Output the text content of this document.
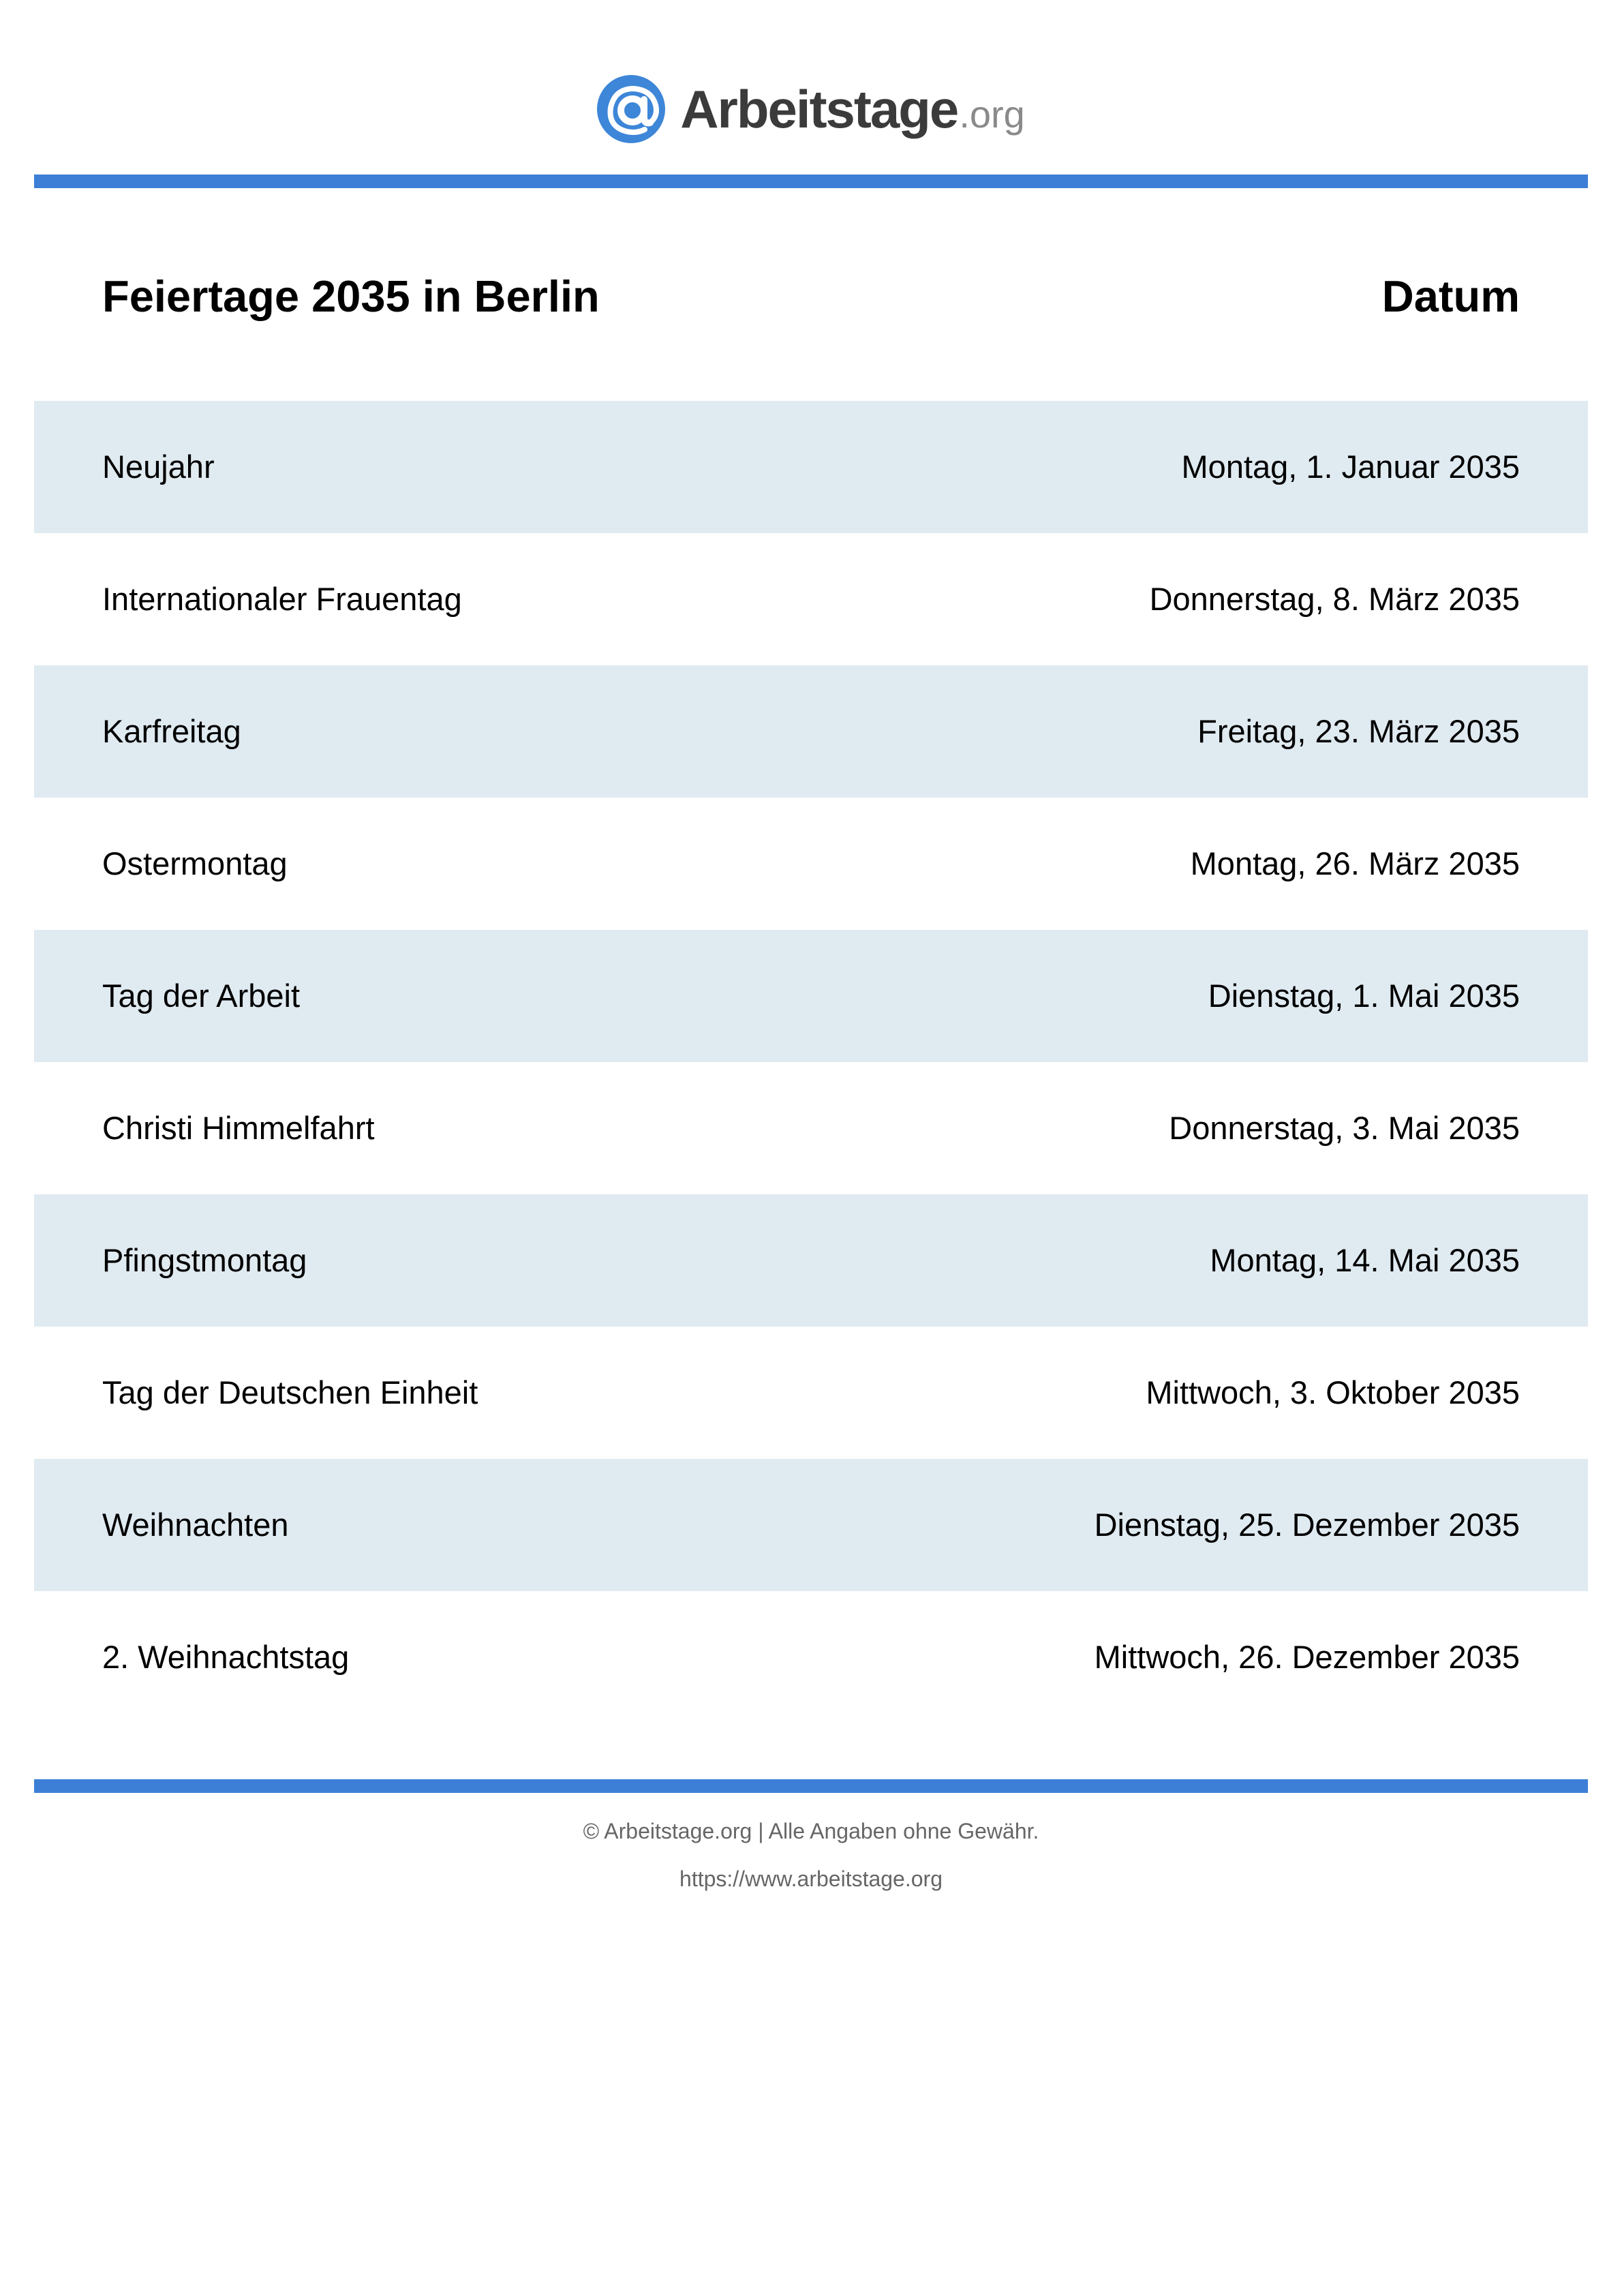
Arbeitstage .org
Feiertage 2035 in Berlin	Datum
Neujahr	Montag, 1. Januar 2035
Internationaler Frauentag	Donnerstag, 8. März 2035
Karfreitag	Freitag, 23. März 2035
Ostermontag	Montag, 26. März 2035
Tag der Arbeit	Dienstag, 1. Mai 2035
Christi Himmelfahrt	Donnerstag, 3. Mai 2035
Pfingstmontag	Montag, 14. Mai 2035
Tag der Deutschen Einheit	Mittwoch, 3. Oktober 2035
Weihnachten	Dienstag, 25. Dezember 2035
2. Weihnachtstag	Mittwoch, 26. Dezember 2035
© Arbeitstage.org | Alle Angaben ohne Gewähr.
https://www.arbeitstage.org
